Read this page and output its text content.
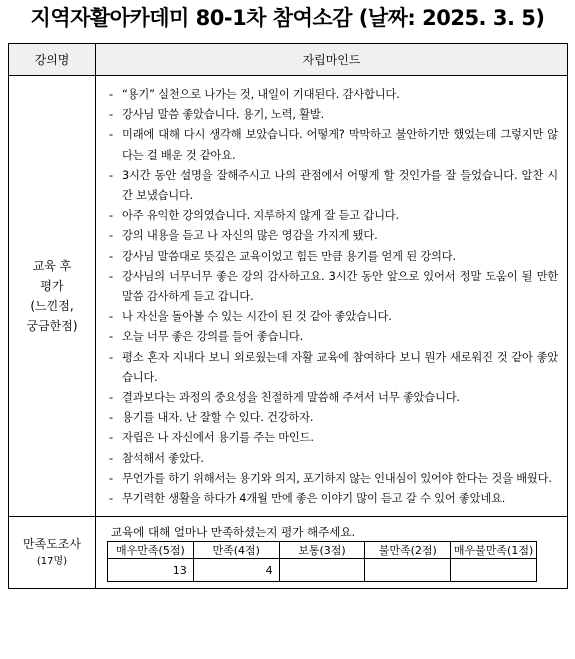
지역자활아카데미 80-1차 참여소감 (날짜: 2025. 3. 5)
강의명	자립마인드

교육 후
평가
(느낀점,
궁금한점)

- “용기” 실천으로 나가는 것, 내일이 기대된다. 감사합니다.
- 강사님 말씀 좋았습니다. 용기, 노력, 활발.
- 미래에 대해 다시 생각해 보았습니다. 어떻게? 막막하고 불안하기만 했었는데 그렇지만 않다는 걸 배운 것 같아요.
- 3시간 동안 설명을 잘해주시고 나의 관점에서 어떻게 할 것인가를 잘 들었습니다. 알찬 시간 보냈습니다.
- 아주 유익한 강의였습니다. 지루하지 않게 잘 듣고 갑니다.
- 강의 내용을 듣고 나 자신의 많은 영감을 가지게 됐다.
- 강사님 말씀대로 뜻깊은 교육이었고 힘든 만큼 용기를 얻게 된 강의다.
- 강사님의 너무너무 좋은 강의 감사하고요. 3시간 동안 앞으로 있어서 정말 도움이 될 만한 말씀 감사하게 듣고 갑니다.
- 나 자신을 돌아볼 수 있는 시간이 된 것 같아 좋았습니다.
- 오늘 너무 좋은 강의를 들어 좋습니다.
- 평소 혼자 지내다 보니 외로웠는데 자활 교육에 참여하다 보니 뭔가 새로워진 것 같아 좋았습니다.
- 결과보다는 과정의 중요성을 친절하게 말씀해 주셔서 너무 좋았습니다.
- 용기를 내자. 난 잘할 수 있다. 건강하자.
- 자립은 나 자신에서 용기를 주는 마인드.
- 참석해서 좋았다.
- 무언가를 하기 위해서는 용기와 의지, 포기하지 않는 인내심이 있어야 한다는 것을 배웠다.
- 무기력한 생활을 하다가 4개월 만에 좋은 이야기 많이 듣고 갈 수 있어 좋았네요.

만족도조사
(17명)

교육에 대해 얼마나 만족하셨는지 평가 해주세요.
매우만족(5점)	만족(4점)	보통(3점)	불만족(2점)	매우불만족(1점)
13	4			
